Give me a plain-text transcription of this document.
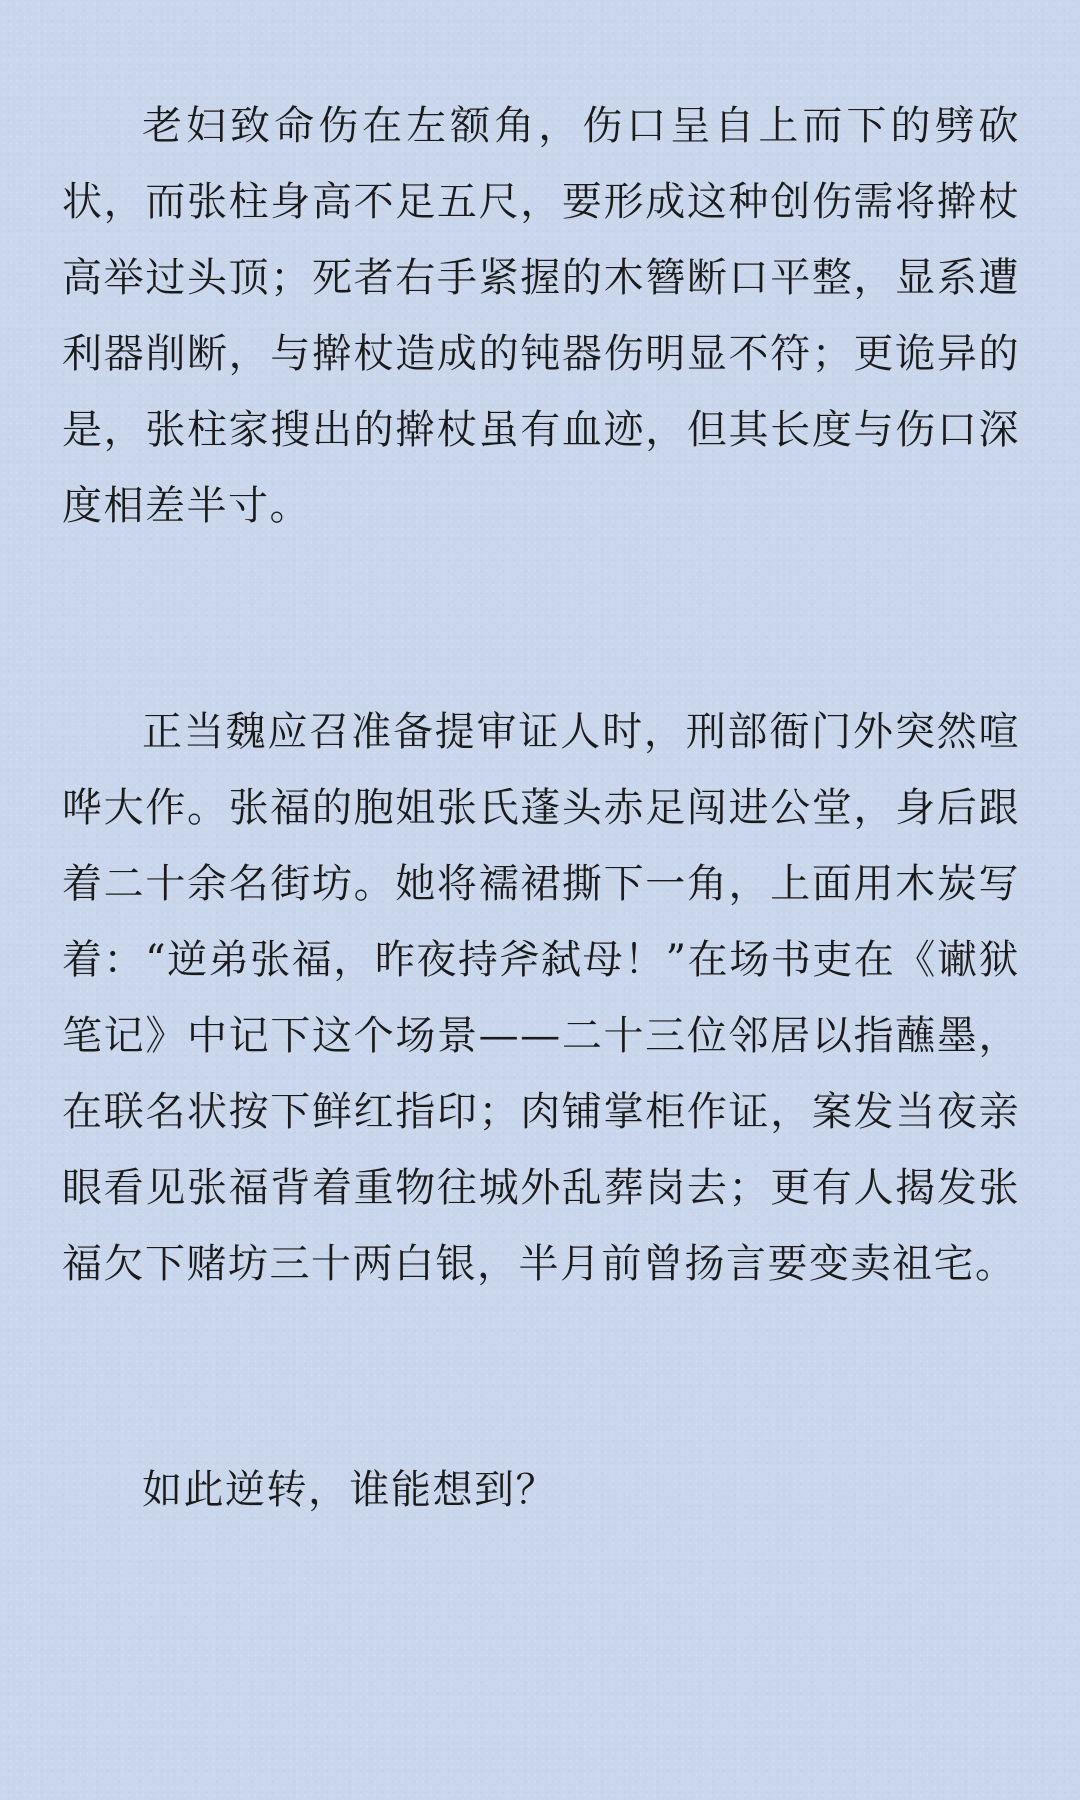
老妇致命伤在左额角，伤口呈自上而下的劈砍状，而张柱身高不足五尺，要形成这种创伤需将擀杖高举过头顶；死者右手紧握的木簪断口平整，显系遭利器削断，与擀杖造成的钝器伤明显不符；更诡异的是，张柱家搜出的擀杖虽有血迹，但其长度与伤口深度相差半寸。

正当魏应召准备提审证人时，刑部衙门外突然喧哗大作。张福的胞姐张氏蓬头赤足闯进公堂，身后跟着二十余名街坊。她将襦裙撕下一角，上面用木炭写着：“逆弟张福，昨夜持斧弑母！”在场书吏在《谳狱笔记》中记下这个场景——二十三位邻居以指蘸墨，在联名状按下鲜红指印；肉铺掌柜作证，案发当夜亲眼看见张福背着重物往城外乱葬岗去；更有人揭发张福欠下赌坊三十两白银，半月前曾扬言要变卖祖宅。

如此逆转，谁能想到？
